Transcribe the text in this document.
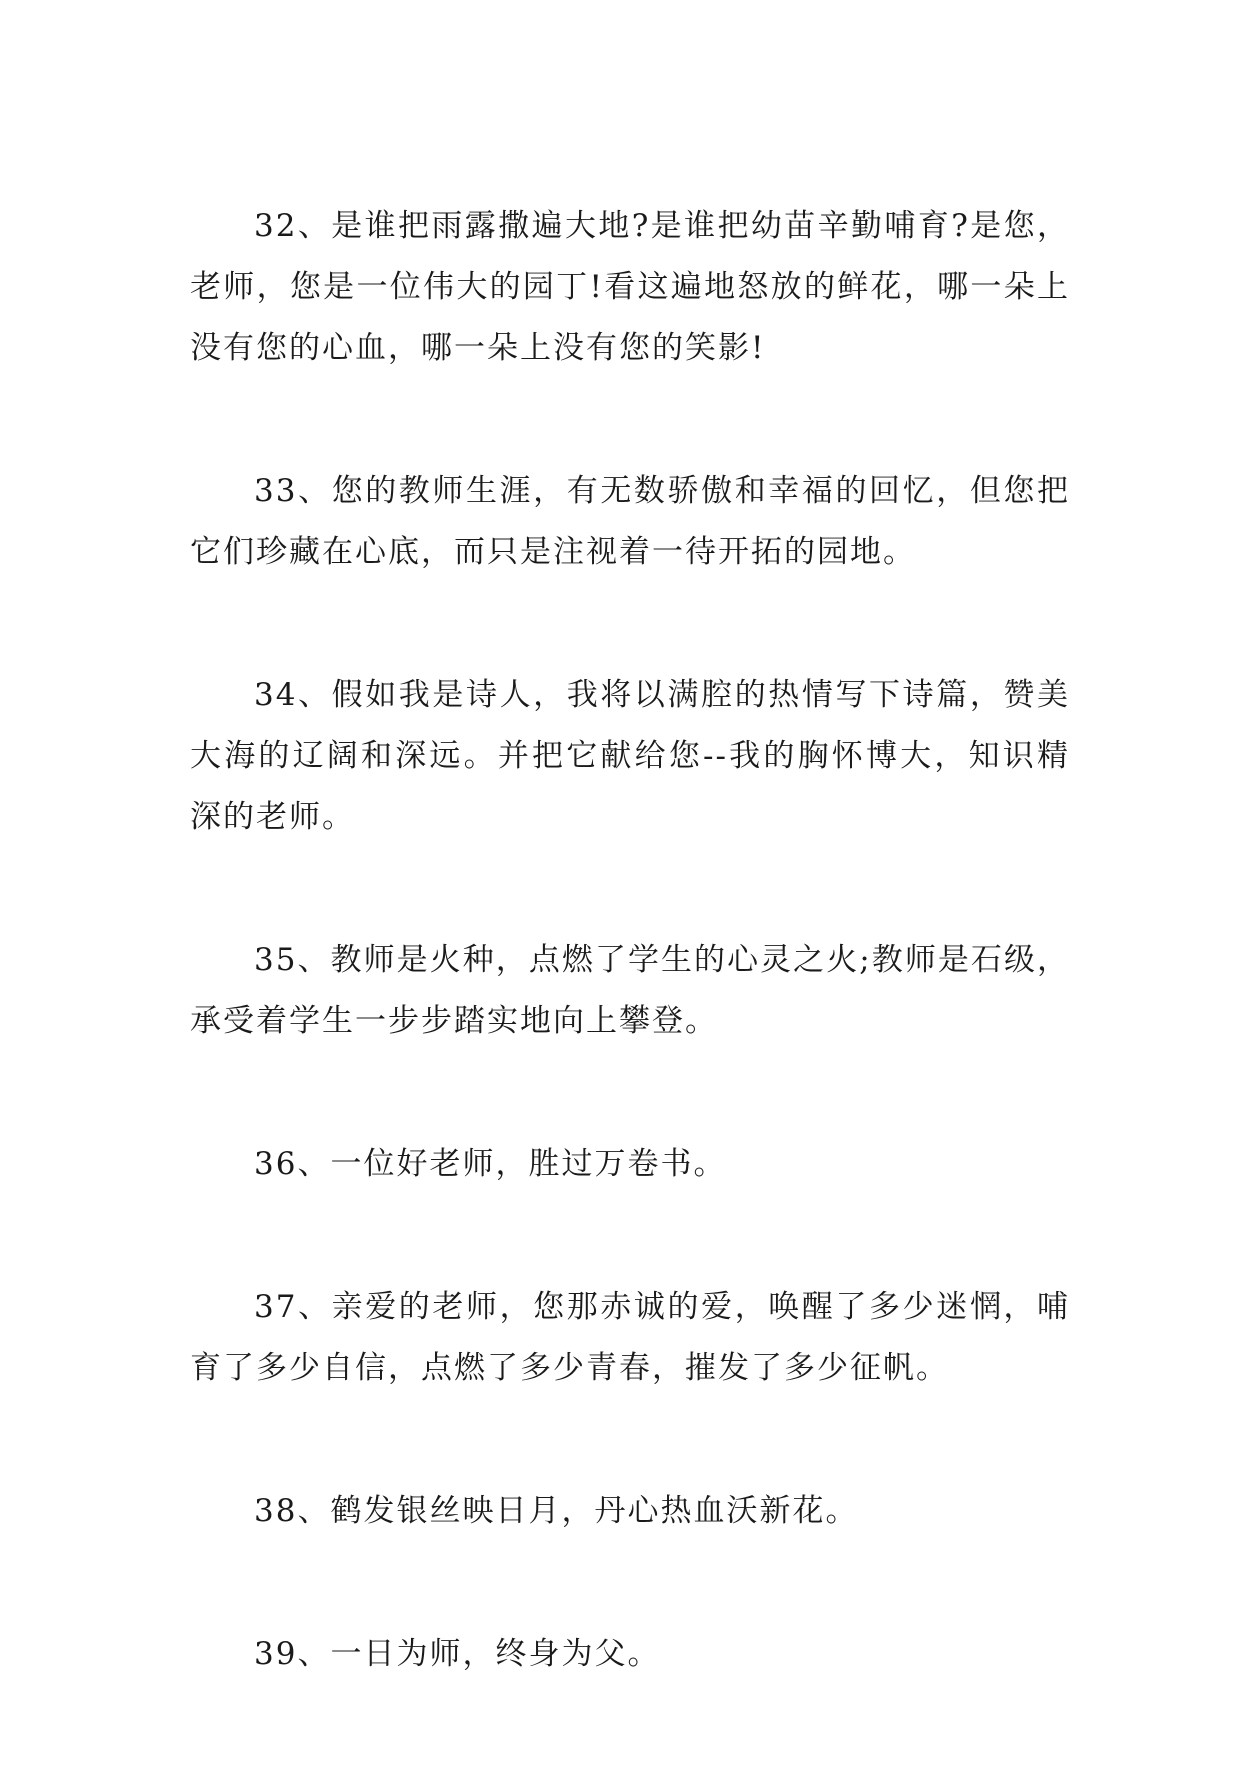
32、是谁把雨露撒遍大地?是谁把幼苗辛勤哺育?是您，老师，您是一位伟大的园丁!看这遍地怒放的鲜花，哪一朵上没有您的心血，哪一朵上没有您的笑影!

33、您的教师生涯，有无数骄傲和幸福的回忆，但您把它们珍藏在心底，而只是注视着一待开拓的园地。

34、假如我是诗人，我将以满腔的热情写下诗篇，赞美大海的辽阔和深远。并把它献给您--我的胸怀博大，知识精深的老师。

35、教师是火种，点燃了学生的心灵之火;教师是石级，承受着学生一步步踏实地向上攀登。

36、一位好老师，胜过万卷书。

37、亲爱的老师，您那赤诚的爱，唤醒了多少迷惘，哺育了多少自信，点燃了多少青春，摧发了多少征帆。

38、鹤发银丝映日月，丹心热血沃新花。

39、一日为师，终身为父。
